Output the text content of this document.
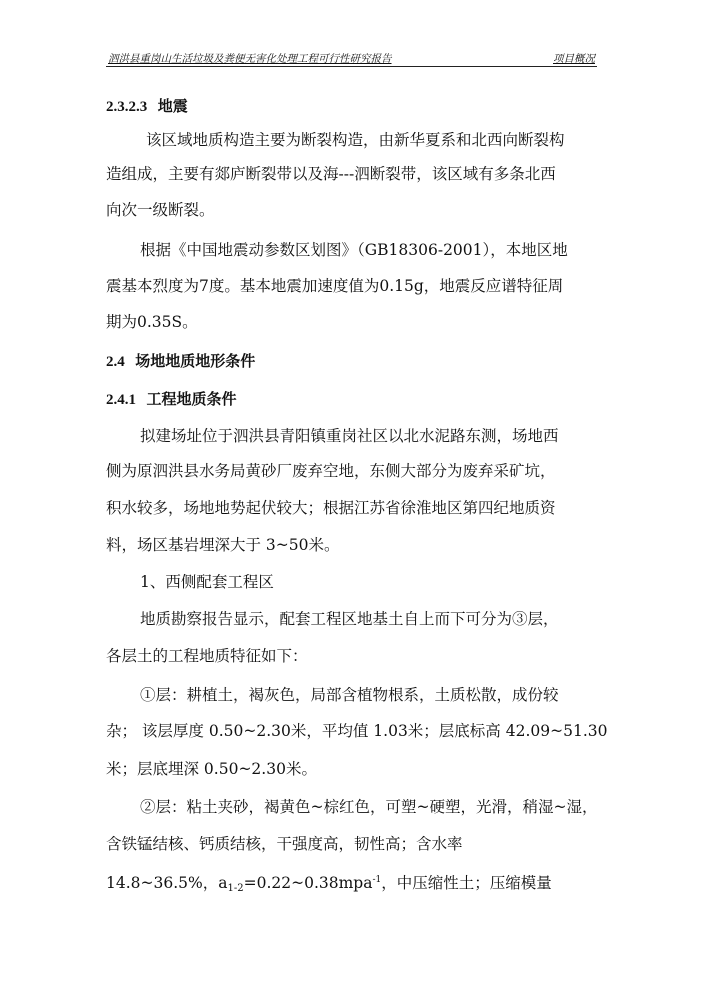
泗洪县重岗山生活垃圾及粪便无害化处理工程可行性研究报告	项目概况
2.3.2.3 地震
该区域地质构造主要为断裂构造，由新华夏系和北西向断裂构
造组成，主要有郯庐断裂带以及海---泗断裂带，该区域有多条北西
向次一级断裂。
根据《中国地震动参数区划图》（GB18306-2001），本地区地
震基本烈度为7度。基本地震加速度值为0.15g，地震反应谱特征周
期为0.35S。
2.4 场地地质地形条件
2.4.1 工程地质条件
拟建场址位于泗洪县青阳镇重岗社区以北水泥路东测，场地西
侧为原泗洪县水务局黄砂厂废弃空地，东侧大部分为废弃采矿坑，
积水较多，场地地势起伏较大；根据江苏省徐淮地区第四纪地质资
料，场区基岩埋深大于 3~50米。
1、西侧配套工程区
地质勘察报告显示，配套工程区地基土自上而下可分为③层，
各层土的工程地质特征如下：
①层：耕植土，褐灰色，局部含植物根系，土质松散，成份较
杂； 该层厚度 0.50~2.30米，平均值 1.03米；层底标高 42.09~51.30
米；层底埋深 0.50~2.30米。
②层：粘土夹砂，褐黄色~棕红色，可塑~硬塑，光滑，稍湿~湿，
含铁锰结核、钙质结核，干强度高，韧性高；含水率
14.8~36.5%，$a_{1-2}=0.22\sim 0.38mpa^{-1}$，中压缩性土；压缩模量
